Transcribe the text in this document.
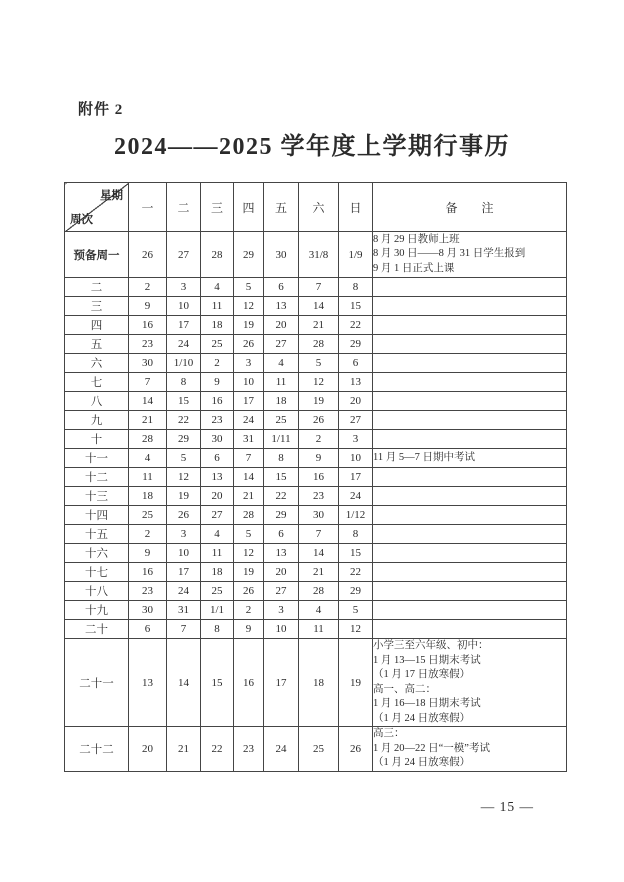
附件 2
2024——2025 学年度上学期行事历
星期
周次	一	二	三	四	五	六	日	备　　注
预备周一	26	27	28	29	30	31/8	1/9	8 月 29 日教师上班
8 月 30 日——8 月 31 日学生报到
9 月 1 日正式上课

二	2	3	4	5	6	7	8	
三	9	10	11	12	13	14	15	
四	16	17	18	19	20	21	22	
五	23	24	25	26	27	28	29	
六	30	1/10	2	3	4	5	6	
七	7	8	9	10	11	12	13	
八	14	15	16	17	18	19	20	
九	21	22	23	24	25	26	27	
十	28	29	30	31	1/11	2	3	
十一	4	5	6	7	8	9	10	11 月 5—7 日期中考试

十二	11	12	13	14	15	16	17	
十三	18	19	20	21	22	23	24	
十四	25	26	27	28	29	30	1/12	
十五	2	3	4	5	6	7	8	
十六	9	10	11	12	13	14	15	
十七	16	17	18	19	20	21	22	
十八	23	24	25	26	27	28	29	
十九	30	31	1/1	2	3	4	5	
二十	6	7	8	9	10	11	12	
二十一	13	14	15	16	17	18	19	
小学三至六年级、初中：
1 月 13—15 日期末考试
（1 月 17 日放寒假）
高一、高二：
1 月 16—18 日期末考试
（1 月 24 日放寒假）

二十二	20	21	22	23	24	25	26	高三：
1 月 20—22 日“一模”考试
（1 月 24 日放寒假）
— 15 —
